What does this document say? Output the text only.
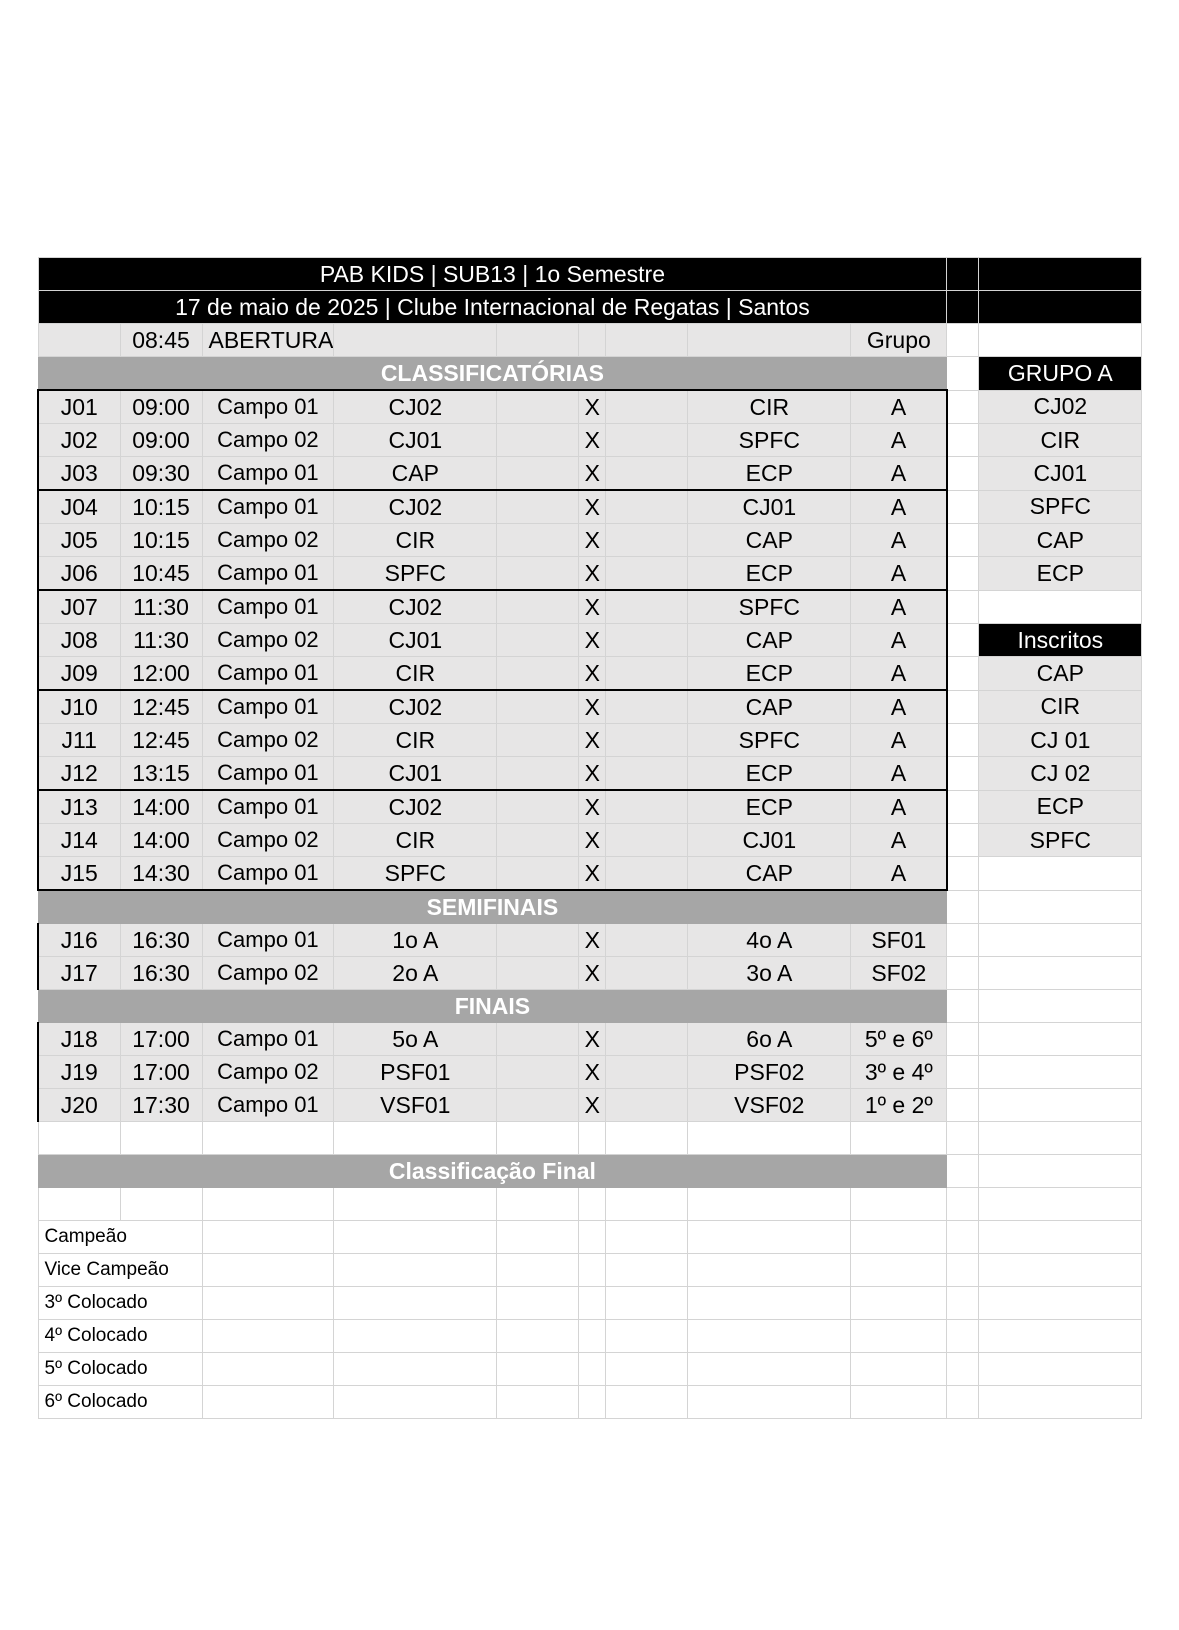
PAB KIDS | SUB13 | 1o Semestre										
17 de maio de 2025 | Clube Internacional de Regatas | Santos										
	08:45	ABERTURA						Grupo		
CLASSIFICATÓRIAS										GRUPO A
J01	09:00	Campo 01	CJ02		X		CIR	A		CJ02
J02	09:00	Campo 02	CJ01		X		SPFC	A		CIR
J03	09:30	Campo 01	CAP		X		ECP	A		CJ01
J04	10:15	Campo 01	CJ02		X		CJ01	A		SPFC
J05	10:15	Campo 02	CIR		X		CAP	A		CAP
J06	10:45	Campo 01	SPFC		X		ECP	A		ECP
J07	11:30	Campo 01	CJ02		X		SPFC	A		
J08	11:30	Campo 02	CJ01		X		CAP	A		Inscritos
J09	12:00	Campo 01	CIR		X		ECP	A		CAP
J10	12:45	Campo 01	CJ02		X		CAP	A		CIR
J11	12:45	Campo 02	CIR		X		SPFC	A		CJ 01
J12	13:15	Campo 01	CJ01		X		ECP	A		CJ 02
J13	14:00	Campo 01	CJ02		X		ECP	A		ECP
J14	14:00	Campo 02	CIR		X		CJ01	A		SPFC
J15	14:30	Campo 01	SPFC		X		CAP	A		
SEMIFINAIS										
J16	16:30	Campo 01	1o A		X		4o A	SF01		
J17	16:30	Campo 02	2o A		X		3o A	SF02		
FINAIS										
J18	17:00	Campo 01	5o A		X		6o A	5º e 6º		
J19	17:00	Campo 02	PSF01		X		PSF02	3º e 4º		
J20	17:30	Campo 01	VSF01		X		VSF02	1º e 2º		

Classificação Final										

Campeão										
Vice Campeão										
3º Colocado										
4º Colocado										
5º Colocado										
6º Colocado										
